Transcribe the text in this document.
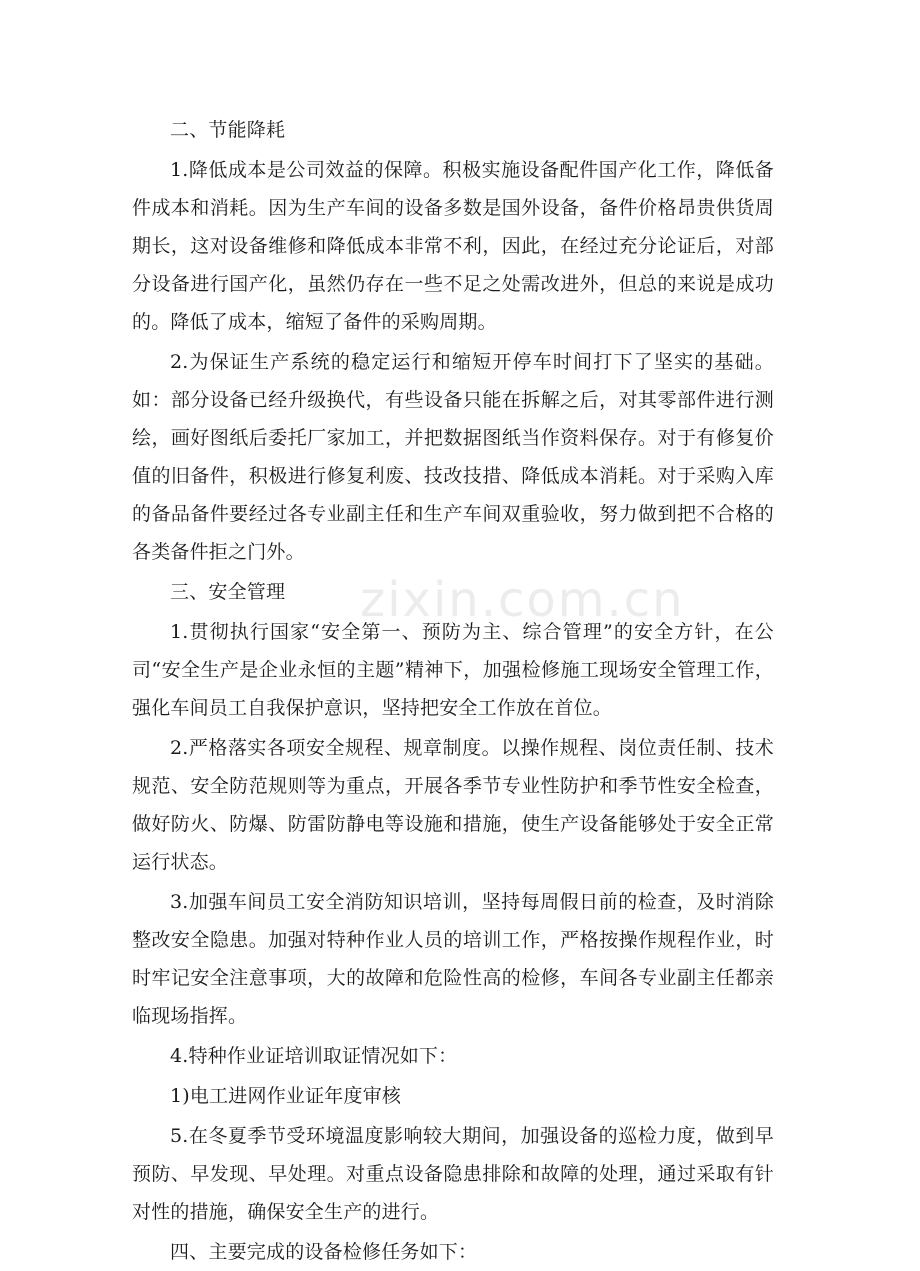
二、节能降耗

1.降低成本是公司效益的保障。积极实施设备配件国产化工作，降低备件成本和消耗。因为生产车间的设备多数是国外设备，备件价格昂贵供货周期长，这对设备维修和降低成本非常不利，因此，在经过充分论证后，对部分设备进行国产化，虽然仍存在一些不足之处需改进外，但总的来说是成功的。降低了成本，缩短了备件的采购周期。

2.为保证生产系统的稳定运行和缩短开停车时间打下了坚实的基础。如：部分设备已经升级换代，有些设备只能在拆解之后，对其零部件进行测绘，画好图纸后委托厂家加工，并把数据图纸当作资料保存。对于有修复价值的旧备件，积极进行修复利废、技改技措、降低成本消耗。对于采购入库的备品备件要经过各专业副主任和生产车间双重验收，努力做到把不合格的各类备件拒之门外。

三、安全管理

1.贯彻执行国家“安全第一、预防为主、综合管理”的安全方针，在公司“安全生产是企业永恒的主题”精神下，加强检修施工现场安全管理工作，强化车间员工自我保护意识，坚持把安全工作放在首位。

2.严格落实各项安全规程、规章制度。以操作规程、岗位责任制、技术规范、安全防范规则等为重点，开展各季节专业性防护和季节性安全检查，做好防火、防爆、防雷防静电等设施和措施，使生产设备能够处于安全正常运行状态。

3.加强车间员工安全消防知识培训，坚持每周假日前的检查，及时消除整改安全隐患。加强对特种作业人员的培训工作，严格按操作规程作业，时时牢记安全注意事项，大的故障和危险性高的检修，车间各专业副主任都亲临现场指挥。

4.特种作业证培训取证情况如下：

1)电工进网作业证年度审核

5.在冬夏季节受环境温度影响较大期间，加强设备的巡检力度，做到早预防、早发现、早处理。对重点设备隐患排除和故障的处理，通过采取有针对性的措施，确保安全生产的进行。

四、主要完成的设备检修任务如下：

zixin.com.cn
